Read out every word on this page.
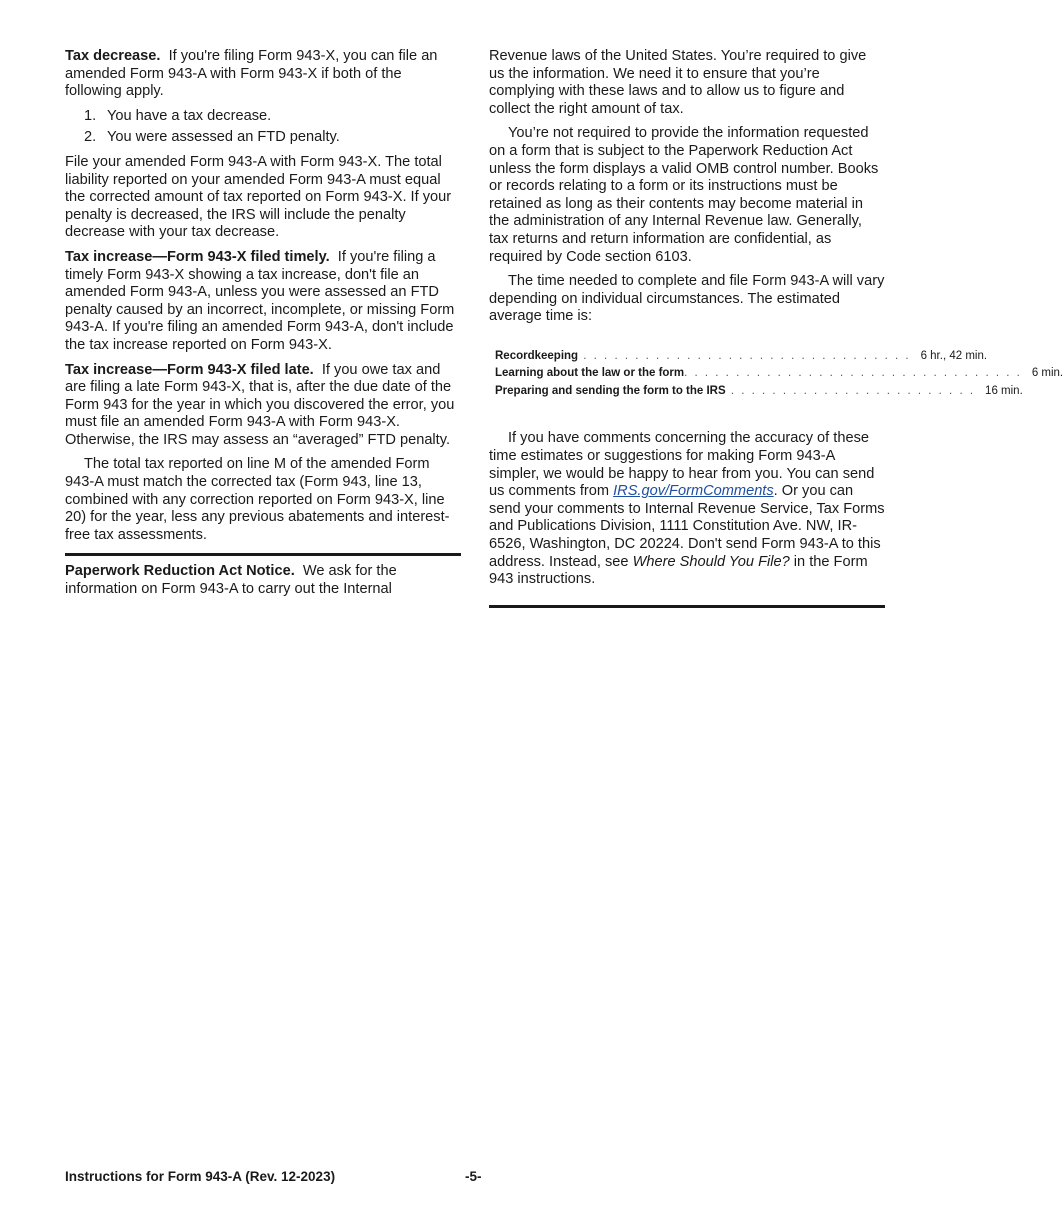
Tax decrease. If you're filing Form 943-X, you can file an amended Form 943-A with Form 943-X if both of the following apply.

1. You have a tax decrease.
2. You were assessed an FTD penalty.

File your amended Form 943-A with Form 943-X. The total liability reported on your amended Form 943-A must equal the corrected amount of tax reported on Form 943-X. If your penalty is decreased, the IRS will include the penalty decrease with your tax decrease.

Tax increase—Form 943-X filed timely. If you're filing a timely Form 943-X showing a tax increase, don't file an amended Form 943-A, unless you were assessed an FTD penalty caused by an incorrect, incomplete, or missing Form 943-A. If you're filing an amended Form 943-A, don't include the tax increase reported on Form 943-X.

Tax increase—Form 943-X filed late. If you owe tax and are filing a late Form 943-X, that is, after the due date of the Form 943 for the year in which you discovered the error, you must file an amended Form 943-A with Form 943-X. Otherwise, the IRS may assess an “averaged” FTD penalty.

The total tax reported on line M of the amended Form 943-A must match the corrected tax (Form 943, line 13, combined with any correction reported on Form 943-X, line 20) for the year, less any previous abatements and interest-free tax assessments.

Paperwork Reduction Act Notice. We ask for the information on Form 943-A to carry out the Internal

Revenue laws of the United States. You’re required to give us the information. We need it to ensure that you’re complying with these laws and to allow us to figure and collect the right amount of tax.

You’re not required to provide the information requested on a form that is subject to the Paperwork Reduction Act unless the form displays a valid OMB control number. Books or records relating to a form or its instructions must be retained as long as their contents may become material in the administration of any Internal Revenue law. Generally, tax returns and return information are confidential, as required by Code section 6103.

The time needed to complete and file Form 943-A will vary depending on individual circumstances. The estimated average time is:

Recordkeeping . . . . . . . . . . . . . . . . . . . . . . . . . . . . . . . . 6 hr., 42 min.
Learning about the law or the form . . . . . . . . . . . . . . . . . . . . . . . . . . . . . . . . . 6 min.
Preparing and sending the form to the IRS . . . . . . . . . . . . . . . . . . . . . . . . 16 min.

If you have comments concerning the accuracy of these time estimates or suggestions for making Form 943-A simpler, we would be happy to hear from you. You can send us comments from IRS.gov/FormComments. Or you can send your comments to Internal Revenue Service, Tax Forms and Publications Division, 1111 Constitution Ave. NW, IR-6526, Washington, DC 20224. Don't send Form 943-A to this address. Instead, see Where Should You File? in the Form 943 instructions.

Instructions for Form 943-A (Rev. 12-2023)	-5-
